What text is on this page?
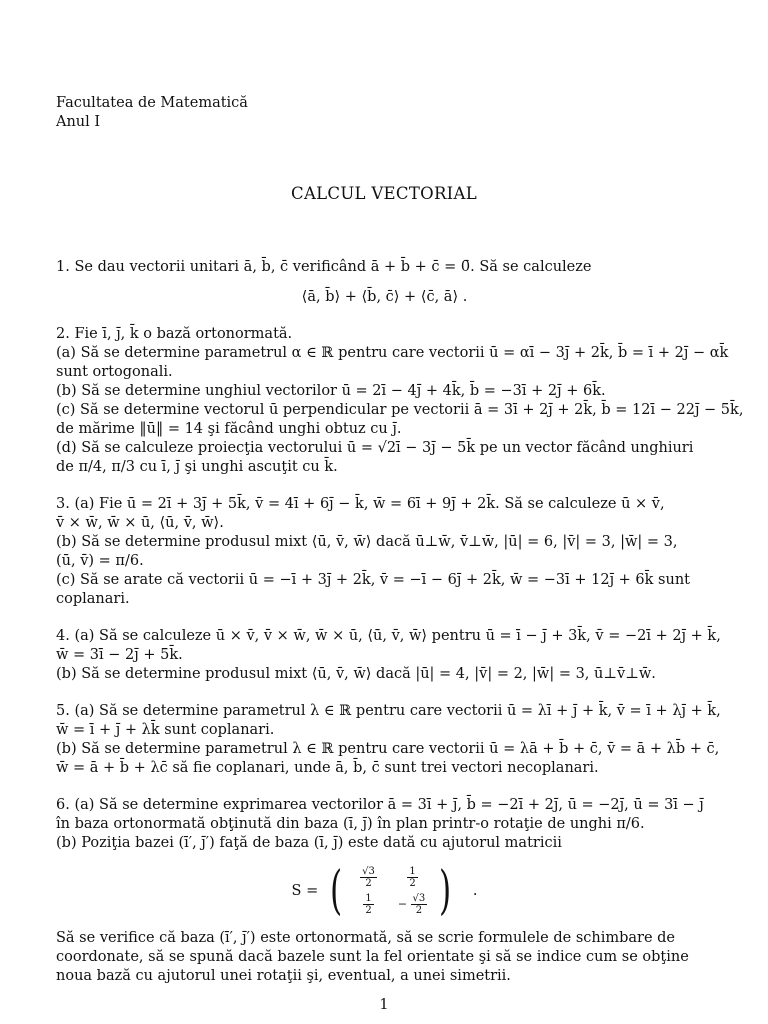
Facultatea de Matematică
Anul I
CALCUL VECTORIAL
1. Se dau vectorii unitari ā, b̄, c̄ verificând ā + b̄ + c̄ = 0̄. Să se calculeze
⟨ā, b̄⟩ + ⟨b̄, c̄⟩ + ⟨c̄, ā⟩ .
2. Fie ī, j̄, k̄ o bază ortonormată.
(a) Să se determine parametrul α ∈ ℝ pentru care vectorii ū = αī − 3j̄ + 2k̄, b̄ = ī + 2j̄ − αk̄
sunt ortogonali.
(b) Să se determine unghiul vectorilor ū = 2ī − 4j̄ + 4k̄, b̄ = −3ī + 2j̄ + 6k̄.
(c) Să se determine vectorul ū perpendicular pe vectorii ā = 3ī + 2j̄ + 2k̄, b̄ = 12ī − 22j̄ − 5k̄,
de mărime ‖ū‖ = 14 şi făcând unghi obtuz cu j̄.
(d) Să se calculeze proiecţia vectorului ū = √2ī − 3j̄ − 5k̄ pe un vector făcând unghiuri
de π/4, π/3 cu ī, j̄ şi unghi ascuţit cu k̄.
3. (a) Fie ū = 2ī + 3j̄ + 5k̄, v̄ = 4ī + 6j̄ − k̄, w̄ = 6ī + 9j̄ + 2k̄. Să se calculeze ū × v̄,
v̄ × w̄, w̄ × ū, ⟨ū, v̄, w̄⟩.
(b) Să se determine produsul mixt ⟨ū, v̄, w̄⟩ dacă ū⊥w̄, v̄⊥w̄, |ū| = 6, |v̄| = 3, |w̄| = 3,
(ū, v̄) = π/6.
(c) Să se arate că vectorii ū = −ī + 3j̄ + 2k̄, v̄ = −ī − 6j̄ + 2k̄, w̄ = −3ī + 12j̄ + 6k̄ sunt
coplanari.
4. (a) Să se calculeze ū × v̄, v̄ × w̄, w̄ × ū, ⟨ū, v̄, w̄⟩ pentru ū = ī − j̄ + 3k̄, v̄ = −2ī + 2j̄ + k̄,
w̄ = 3ī − 2j̄ + 5k̄.
(b) Să se determine produsul mixt ⟨ū, v̄, w̄⟩ dacă |ū| = 4, |v̄| = 2, |w̄| = 3, ū⊥v̄⊥w̄.
5. (a) Să se determine parametrul λ ∈ ℝ pentru care vectorii ū = λī + j̄ + k̄, v̄ = ī + λj̄ + k̄,
w̄ = ī + j̄ + λk̄ sunt coplanari.
(b) Să se determine parametrul λ ∈ ℝ pentru care vectorii ū = λā + b̄ + c̄, v̄ = ā + λb̄ + c̄,
w̄ = ā + b̄ + λc̄ să fie coplanari, unde ā, b̄, c̄ sunt trei vectori necoplanari.
6. (a) Să se determine exprimarea vectorilor ā = 3ī + j̄, b̄ = −2ī + 2j̄, ū = −2j̄, ū = 3ī − j̄
în baza ortonormată obţinută din baza (ī, j̄) în plan printr-o rotaţie de unghi π/6.
(b) Poziţia bazei (ī′, j̄′) faţă de baza (ī, j̄) este dată cu ajutorul matricii
S = ( $\frac{√3}{2} \frac{1}{2}$
$\frac{1}{2} - \frac{√3}{2}$ ) .
Să se verifice că baza (ī′, j̄′) este ortonormată, să se scrie formulele de schimbare de
coordonate, să se spună dacă bazele sunt la fel orientate şi să se indice cum se obţine
noua bază cu ajutorul unei rotaţii şi, eventual, a unei simetrii.
1
